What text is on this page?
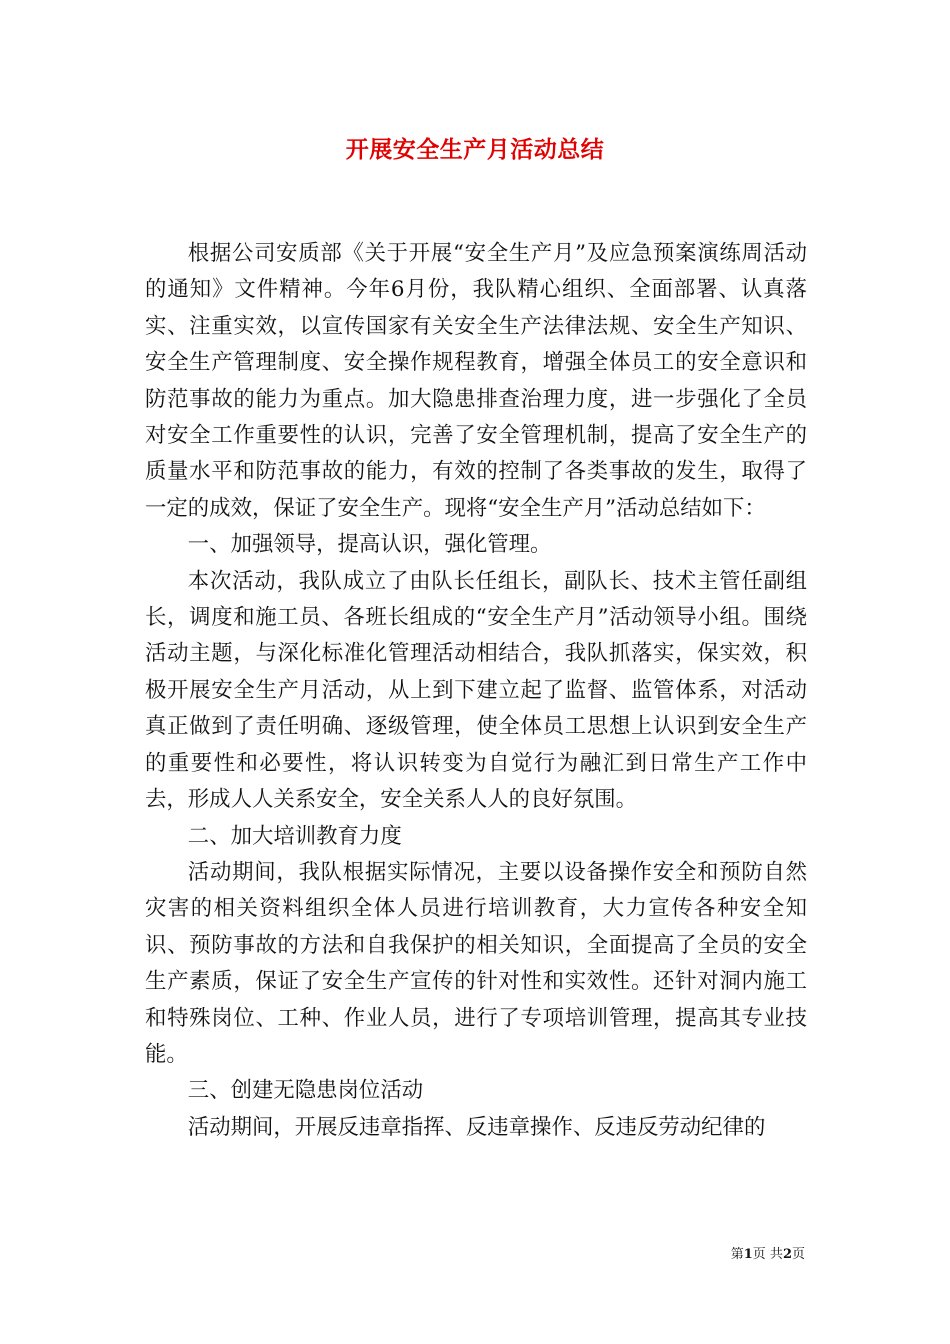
开展安全生产月活动总结

根据公司安质部《关于开展“安全生产月”及应急预案演练周活动的通知》文件精神。今年6月份，我队精心组织、全面部署、认真落实、注重实效，以宣传国家有关安全生产法律法规、安全生产知识、安全生产管理制度、安全操作规程教育，增强全体员工的安全意识和防范事故的能力为重点。加大隐患排查治理力度，进一步强化了全员对安全工作重要性的认识，完善了安全管理机制，提高了安全生产的质量水平和防范事故的能力，有效的控制了各类事故的发生，取得了一定的成效，保证了安全生产。现将“安全生产月”活动总结如下：

一、加强领导，提高认识，强化管理。

本次活动，我队成立了由队长任组长，副队长、技术主管任副组长，调度和施工员、各班长组成的“安全生产月”活动领导小组。围绕活动主题，与深化标准化管理活动相结合，我队抓落实，保实效，积极开展安全生产月活动，从上到下建立起了监督、监管体系，对活动真正做到了责任明确、逐级管理，使全体员工思想上认识到安全生产的重要性和必要性，将认识转变为自觉行为融汇到日常生产工作中去，形成人人关系安全，安全关系人人的良好氛围。

二、加大培训教育力度

活动期间，我队根据实际情况，主要以设备操作安全和预防自然灾害的相关资料组织全体人员进行培训教育，大力宣传各种安全知识、预防事故的方法和自我保护的相关知识，全面提高了全员的安全生产素质，保证了安全生产宣传的针对性和实效性。还针对洞内施工和特殊岗位、工种、作业人员，进行了专项培训管理，提高其专业技能。

三、创建无隐患岗位活动

活动期间，开展反违章指挥、反违章操作、反违反劳动纪律的

第1页 共2页
